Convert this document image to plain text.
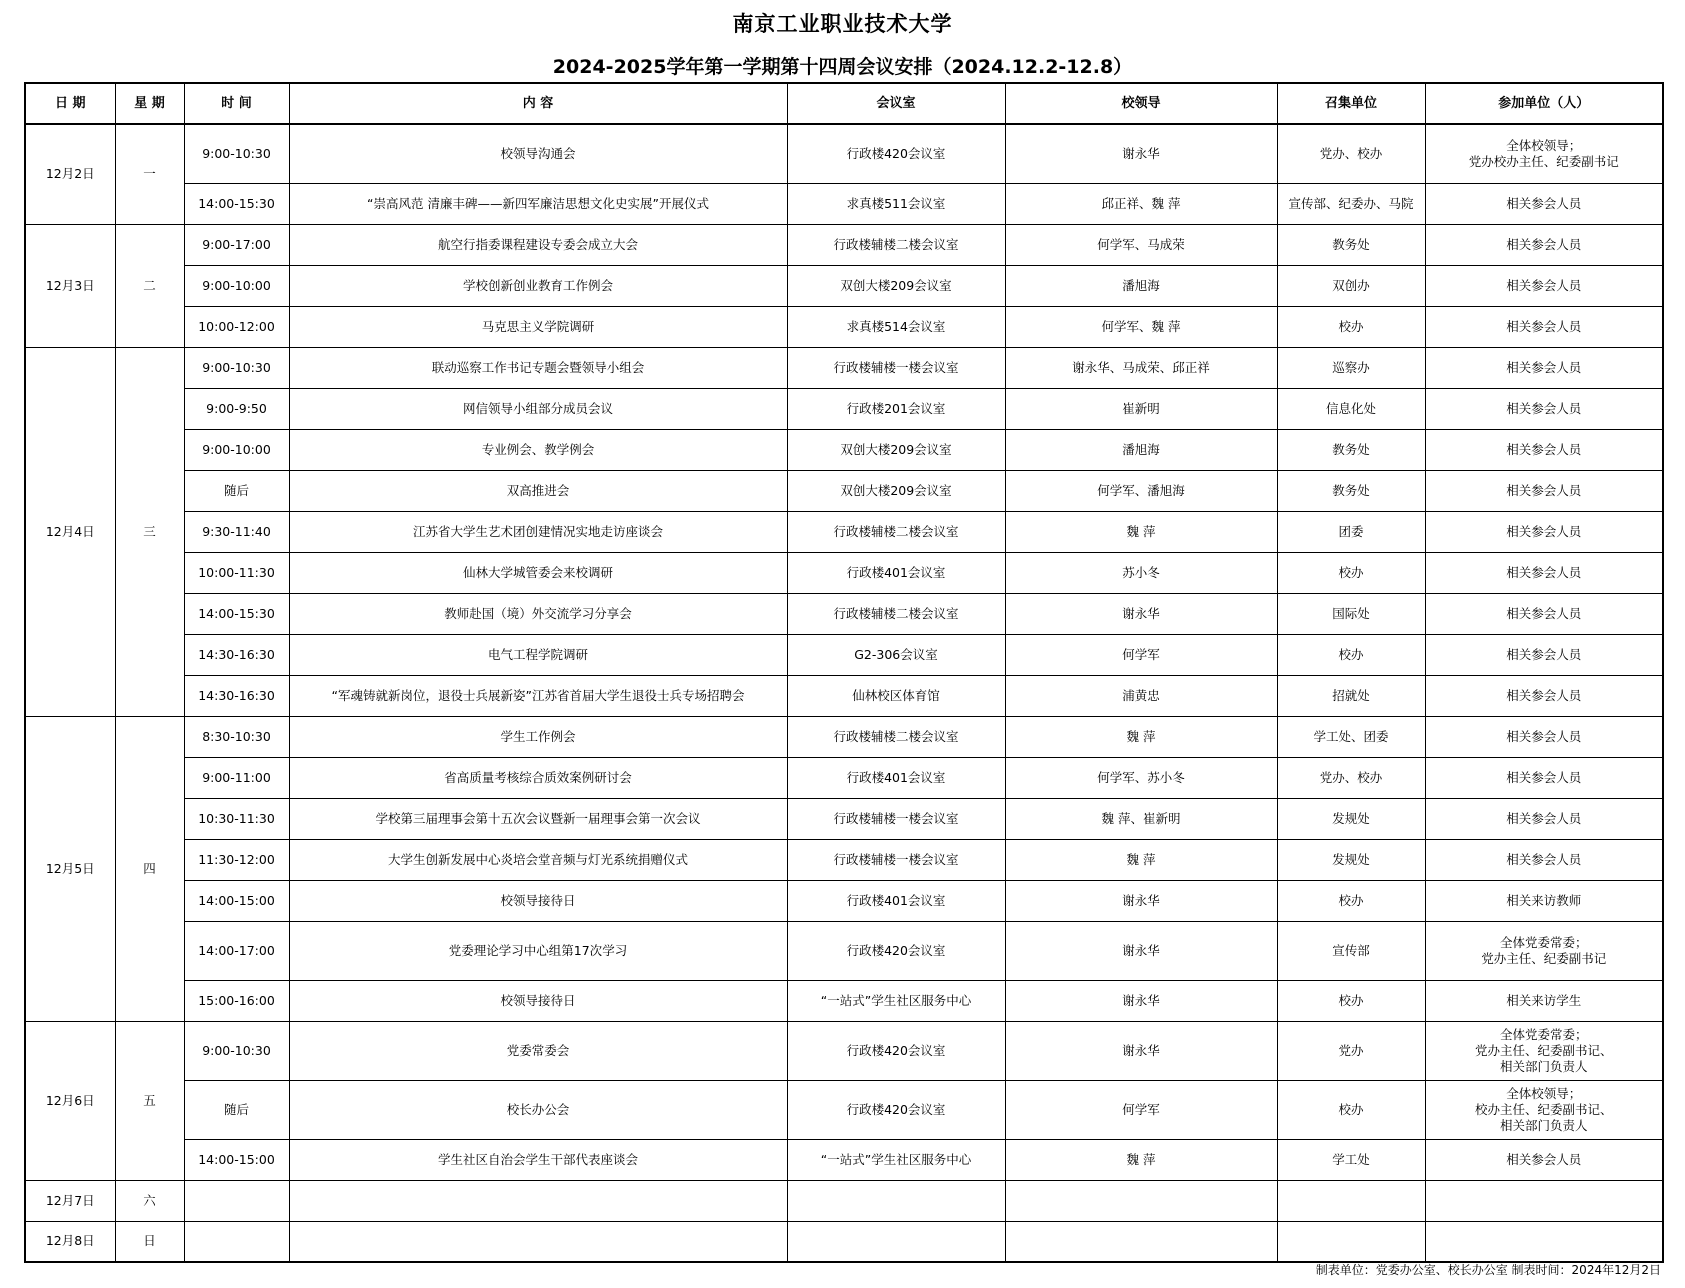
南京工业职业技术大学
2024-2025学年第一学期第十四周会议安排（2024.12.2-12.8）
日 期	星 期	时 间	内 容	会议室	校领导	召集单位	参加单位（人）
12月2日	一	9:00-10:30	校领导沟通会	行政楼420会议室	谢永华	党办、校办	全体校领导；
党办校办主任、纪委副书记
		14:00-15:30	“崇高风范 清廉丰碑——新四军廉洁思想文化史实展”开展仪式	求真楼511会议室	邱正祥、魏 萍	宣传部、纪委办、马院	相关参会人员
12月3日	二	9:00-17:00	航空行指委课程建设专委会成立大会	行政楼辅楼二楼会议室	何学军、马成荣	教务处	相关参会人员
		9:00-10:00	学校创新创业教育工作例会	双创大楼209会议室	潘旭海	双创办	相关参会人员
		10:00-12:00	马克思主义学院调研	求真楼514会议室	何学军、魏 萍	校办	相关参会人员
12月4日	三	9:00-10:30	联动巡察工作书记专题会暨领导小组会	行政楼辅楼一楼会议室	谢永华、马成荣、邱正祥	巡察办	相关参会人员
		9:00-9:50	网信领导小组部分成员会议	行政楼201会议室	崔新明	信息化处	相关参会人员
		9:00-10:00	专业例会、教学例会	双创大楼209会议室	潘旭海	教务处	相关参会人员
		随后	双高推进会	双创大楼209会议室	何学军、潘旭海	教务处	相关参会人员
		9:30-11:40	江苏省大学生艺术团创建情况实地走访座谈会	行政楼辅楼二楼会议室	魏 萍	团委	相关参会人员
		10:00-11:30	仙林大学城管委会来校调研	行政楼401会议室	苏小冬	校办	相关参会人员
		14:00-15:30	教师赴国（境）外交流学习分享会	行政楼辅楼二楼会议室	谢永华	国际处	相关参会人员
		14:30-16:30	电气工程学院调研	G2-306会议室	何学军	校办	相关参会人员
		14:30-16:30	“军魂铸就新岗位，退役士兵展新姿”江苏省首届大学生退役士兵专场招聘会	仙林校区体育馆	浦黄忠	招就处	相关参会人员
12月5日	四	8:30-10:30	学生工作例会	行政楼辅楼二楼会议室	魏 萍	学工处、团委	相关参会人员
		9:00-11:00	省高质量考核综合质效案例研讨会	行政楼401会议室	何学军、苏小冬	党办、校办	相关参会人员
		10:30-11:30	学校第三届理事会第十五次会议暨新一届理事会第一次会议	行政楼辅楼一楼会议室	魏 萍、崔新明	发规处	相关参会人员
		11:30-12:00	大学生创新发展中心炎培会堂音频与灯光系统捐赠仪式	行政楼辅楼一楼会议室	魏 萍	发规处	相关参会人员
		14:00-15:00	校领导接待日	行政楼401会议室	谢永华	校办	相关来访教师
		14:00-17:00	党委理论学习中心组第17次学习	行政楼420会议室	谢永华	宣传部	全体党委常委；
党办主任、纪委副书记
		15:00-16:00	校领导接待日	“一站式”学生社区服务中心	谢永华	校办	相关来访学生
12月6日	五	9:00-10:30	党委常委会	行政楼420会议室	谢永华	党办	全体党委常委；
党办主任、纪委副书记、
相关部门负责人
		随后	校长办公会	行政楼420会议室	何学军	校办	全体校领导；
校办主任、纪委副书记、
相关部门负责人
		14:00-15:00	学生社区自治会学生干部代表座谈会	“一站式”学生社区服务中心	魏 萍	学工处	相关参会人员
12月7日	六						
12月8日	日						
制表单位：党委办公室、校长办公室 制表时间：2024年12月2日
